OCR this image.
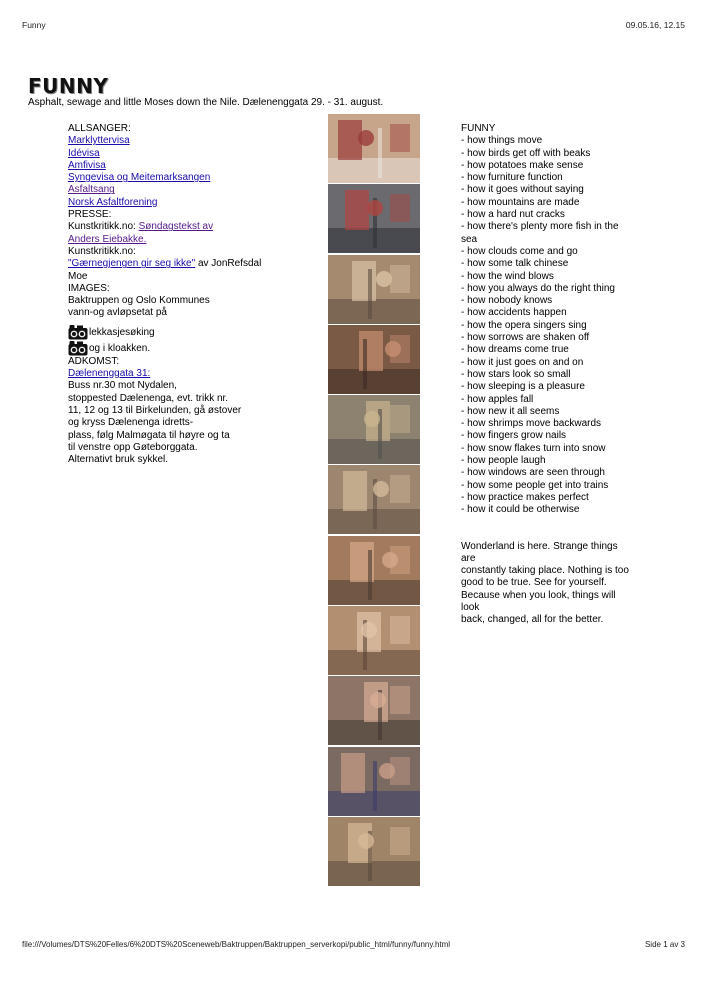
Funny	09.05.16, 12.15
FUNNY
Asphalt, sewage and little Moses down the Nile. Dælenenggata 29. - 31. august.
ALLSANGER:
Marklyttervisa
Idévisa
Amfivisa
Syngevisa og Meitemarksangen
Asfaltsang
Norsk Asfaltforening
PRESSE:
Kunstkritikk.no: Søndagstekst av
Anders Eiebakke.
Kunstkritikk.no:
"Gærnegjengen gir seg ikke" av JonRefsdal
Moe
IMAGES:
Baktruppen og Oslo Kommunes
vann-og avløpsetat på
lekkasjesøking
og i kloakken.
ADKOMST:
Dælenenggata 31:
Buss nr.30 mot Nydalen,
stoppested Dælenenga, evt. trikk nr.
11, 12 og 13 til Birkelunden, gå østover
og kryss Dælenenga idretts-
plass, følg Malmøgata til høyre og ta
til venstre opp Gøteborggata.
Alternativt bruk sykkel.
FUNNY
- how things move
- how birds get off with beaks
- how potatoes make sense
- how furniture function
- how it goes without saying
- how mountains are made
- how a hard nut cracks
- how there's plenty more fish in the
sea
- how clouds come and go
- how some talk chinese
- how the wind blows
- how you always do the right thing
- how nobody knows
- how accidents happen
- how the opera singers sing
- how sorrows are shaken off
- how dreams come true
- how it just goes on and on
- how stars look so small
- how sleeping is a pleasure
- how apples fall
- how new it all seems
- how shrimps move backwards
- how fingers grow nails
- how snow flakes turn into snow
- how people laugh
- how windows are seen through
- how some people get into trains
- how practice makes perfect
- how it could be otherwise
Wonderland is here. Strange things
are
constantly taking place. Nothing is too
good to be true. See for yourself.
Because when you look, things will
look
back, changed, all for the better.
file:///Volumes/DTS%20Felles/6%20DTS%20Sceneweb/Baktruppen/Baktruppen_serverkopi/public_html/funny/funny.html	Side 1 av 3
